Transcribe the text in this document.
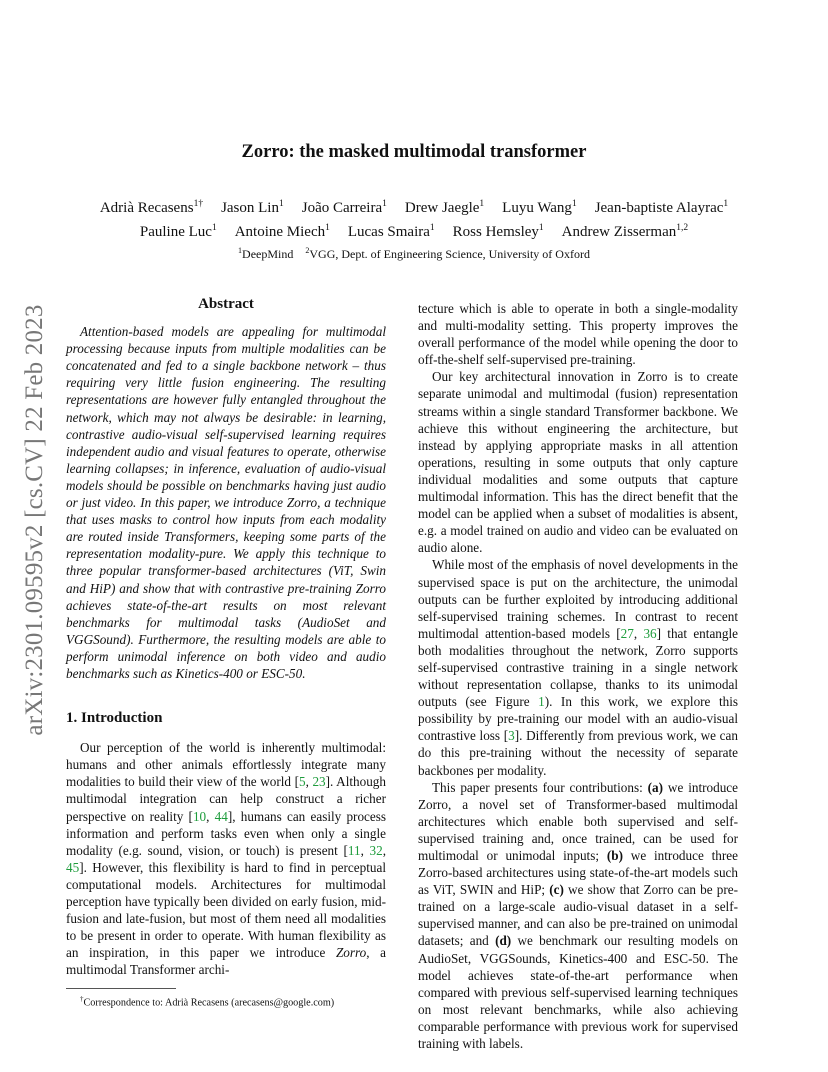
arXiv:2301.09595v2 [cs.CV] 22 Feb 2023
Zorro: the masked multimodal transformer
Adrià Recasens$^{1\dagger}$ Jason Lin$^1$ João Carreira$^1$ Drew Jaegle$^1$ Luyu Wang$^1$ Jean-baptiste Alayrac$^1$
Pauline Luc$^1$ Antoine Miech$^1$ Lucas Smaira$^1$ Ross Hemsley$^1$ Andrew Zisserman$^{1,2}$
$^1$DeepMind $^2$VGG, Dept. of Engineering Science, University of Oxford
Abstract

Attention-based models are appealing for multimodal processing because inputs from multiple modalities can be concatenated and fed to a single backbone network – thus requiring very little fusion engineering. The resulting representations are however fully entangled throughout the network, which may not always be desirable: in learning, contrastive audio-visual self-supervised learning requires independent audio and visual features to operate, otherwise learning collapses; in inference, evaluation of audio-visual models should be possible on benchmarks having just audio or just video. In this paper, we introduce Zorro, a technique that uses masks to control how inputs from each modality are routed inside Transformers, keeping some parts of the representation modality-pure. We apply this technique to three popular transformer-based architectures (ViT, Swin and HiP) and show that with contrastive pre-training Zorro achieves state-of-the-art results on most relevant benchmarks for multimodal tasks (AudioSet and VGGSound). Furthermore, the resulting models are able to perform unimodal inference on both video and audio benchmarks such as Kinetics-400 or ESC-50.

1. Introduction

Our perception of the world is inherently multimodal: humans and other animals effortlessly integrate many modalities to build their view of the world [5, 23]. Although multimodal integration can help construct a richer perspective on reality [10, 44], humans can easily process information and perform tasks even when only a single modality (e.g. sound, vision, or touch) is present [11, 32, 45]. However, this flexibility is hard to find in perceptual computational models. Architectures for multimodal perception have typically been divided on early fusion, mid-fusion and late-fusion, but most of them need all modalities to be present in order to operate. With human flexibility as an inspiration, in this paper we introduce Zorro, a multimodal Transformer archi-

†Correspondence to: Adrià Recasens (arecasens@google.com)

tecture which is able to operate in both a single-modality and multi-modality setting. This property improves the overall performance of the model while opening the door to off-the-shelf self-supervised pre-training.

Our key architectural innovation in Zorro is to create separate unimodal and multimodal (fusion) representation streams within a single standard Transformer backbone. We achieve this without engineering the architecture, but instead by applying appropriate masks in all attention operations, resulting in some outputs that only capture individual modalities and some outputs that capture multimodal information. This has the direct benefit that the model can be applied when a subset of modalities is absent, e.g. a model trained on audio and video can be evaluated on audio alone.

While most of the emphasis of novel developments in the supervised space is put on the architecture, the unimodal outputs can be further exploited by introducing additional self-supervised training schemes. In contrast to recent multimodal attention-based models [27, 36] that entangle both modalities throughout the network, Zorro supports self-supervised contrastive training in a single network without representation collapse, thanks to its unimodal outputs (see Figure 1). In this work, we explore this possibility by pre-training our model with an audio-visual contrastive loss [3]. Differently from previous work, we can do this pre-training without the necessity of separate backbones per modality.

This paper presents four contributions: (a) we introduce Zorro, a novel set of Transformer-based multimodal architectures which enable both supervised and self-supervised training and, once trained, can be used for multimodal or unimodal inputs; (b) we introduce three Zorro-based architectures using state-of-the-art models such as ViT, SWIN and HiP; (c) we show that Zorro can be pre-trained on a large-scale audio-visual dataset in a self-supervised manner, and can also be pre-trained on unimodal datasets; and (d) we benchmark our resulting models on AudioSet, VGGSounds, Kinetics-400 and ESC-50. The model achieves state-of-the-art performance when compared with previous self-supervised learning techniques on most relevant benchmarks, while also achieving comparable performance with previous work for supervised training with labels.
